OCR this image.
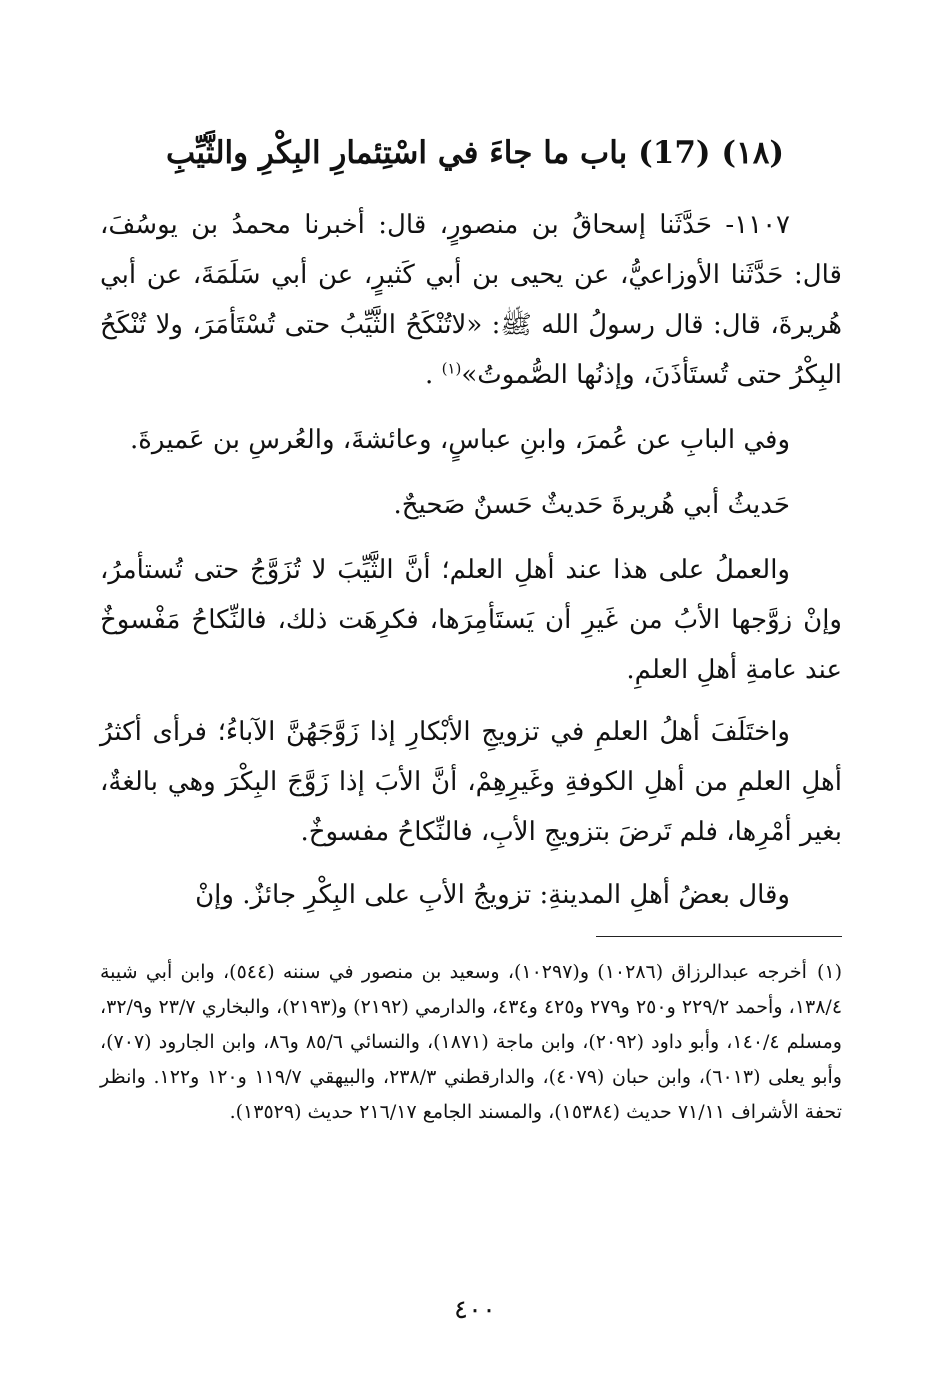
(١٨) (17) باب ما جاءَ في اسْتِئمارِ البِكْرِ والثَّيِّبِ
١١٠٧- حَدَّثَنا إسحاقُ بن منصورٍ، قال: أخبرنا محمدُ بن يوسُفَ، قال: حَدَّثَنا الأوزاعيُّ، عن يحيى بن أبي كَثيرٍ، عن أبي سَلَمَةَ، عن أبي هُريرةَ، قال: قال رسولُ الله ﷺ: «لاتُنْكَحُ الثَّيِّبُ حتى تُسْتَأمَرَ، ولا تُنْكَحُ البِكْرُ حتى تُستَأذَنَ، وإذنُها الصُّموتُ»$^{(١)}$ .
وفي البابِ عن عُمرَ، وابنِ عباسٍ، وعائشةَ، والعُرسِ بن عَميرةَ.
حَديثُ أبي هُريرةَ حَديثٌ حَسنٌ صَحيحٌ.
والعملُ على هذا عند أهلِ العلم؛ أنَّ الثَّيِّبَ لا تُزَوَّجُ حتى تُستأمرُ، وإنْ زوَّجها الأبُ من غَيرِ أن يَستَأمِرَها، فكرِهَت ذلك، فالنِّكاحُ مَفْسوخٌ عند عامةِ أهلِ العلمِ.
واختَلَفَ أهلُ العلمِ في تزويجِ الأبْكارِ إذا زَوَّجَهُنَّ الآباءُ؛ فرأى أكثرُ أهلِ العلمِ من أهلِ الكوفةِ وغَيرِهِمْ، أنَّ الأبَ إذا زَوَّجَ البِكْرَ وهي بالغةٌ، بغير أمْرِها، فلم تَرضَ بتزويجِ الأبِ، فالنِّكاحُ مفسوخٌ.
وقال بعضُ أهلِ المدينةِ: تزويجُ الأبِ على البِكْرِ جائزٌ. وإنْ
(١)أخرجه عبدالرزاق (١٠٢٨٦) و(١٠٢٩٧)، وسعيد بن منصور في سننه (٥٤٤)، وابن أبي شيبة ١٣٨/٤، وأحمد ٢٢٩/٢ و٢٥٠ و٢٧٩ و٤٢٥ و٤٣٤، والدارمي (٢١٩٢) و(٢١٩٣)، والبخاري ٢٣/٧ و٣٢/٩، ومسلم ١٤٠/٤، وأبو داود (٢٠٩٢)، وابن ماجة (١٨٧١)، والنسائي ٨٥/٦ و٨٦، وابن الجارود (٧٠٧)، وأبو يعلى (٦٠١٣)، وابن حبان (٤٠٧٩)، والدارقطني ٢٣٨/٣، والبيهقي ١١٩/٧ و١٢٠ و١٢٢. وانظر تحفة الأشراف ٧١/١١ حديث (١٥٣٨٤)، والمسند الجامع ٢١٦/١٧ حديث (١٣٥٢٩).
٤٠٠
